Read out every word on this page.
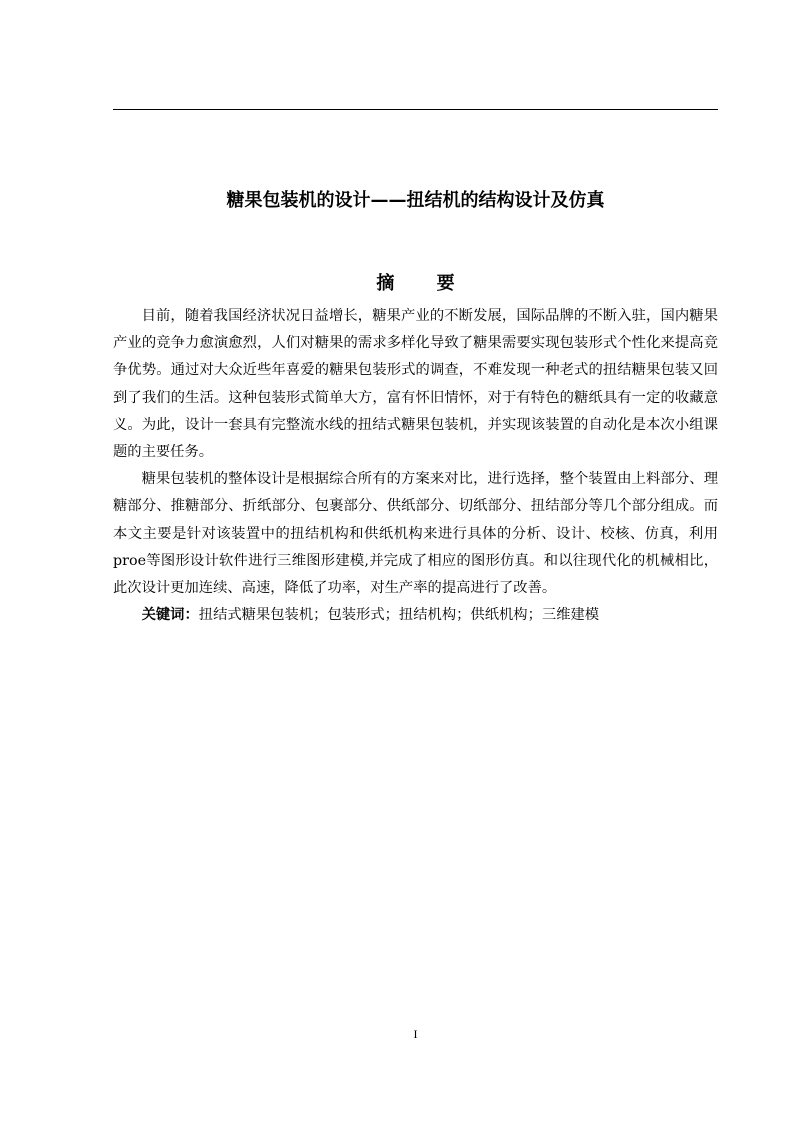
糖果包装机的设计——扭结机的结构设计及仿真
摘 要

目前，随着我国经济状况日益增长，糖果产业的不断发展，国际品牌的不断入驻，国内糖果产业的竞争力愈演愈烈，人们对糖果的需求多样化导致了糖果需要实现包装形式个性化来提高竞争优势。通过对大众近些年喜爱的糖果包装形式的调查，不难发现一种老式的扭结糖果包装又回到了我们的生活。这种包装形式简单大方，富有怀旧情怀，对于有特色的糖纸具有一定的收藏意义。为此，设计一套具有完整流水线的扭结式糖果包装机，并实现该装置的自动化是本次小组课题的主要任务。

糖果包装机的整体设计是根据综合所有的方案来对比，进行选择，整个装置由上料部分、理糖部分、推糖部分、折纸部分、包裹部分、供纸部分、切纸部分、扭结部分等几个部分组成。而本文主要是针对该装置中的扭结机构和供纸机构来进行具体的分析、设计、校核、仿真，利用proe等图形设计软件进行三维图形建模,并完成了相应的图形仿真。和以往现代化的机械相比，此次设计更加连续、高速，降低了功率，对生产率的提高进行了改善。

关键词：扭结式糖果包装机；包装形式；扭结机构；供纸机构；三维建模

I
